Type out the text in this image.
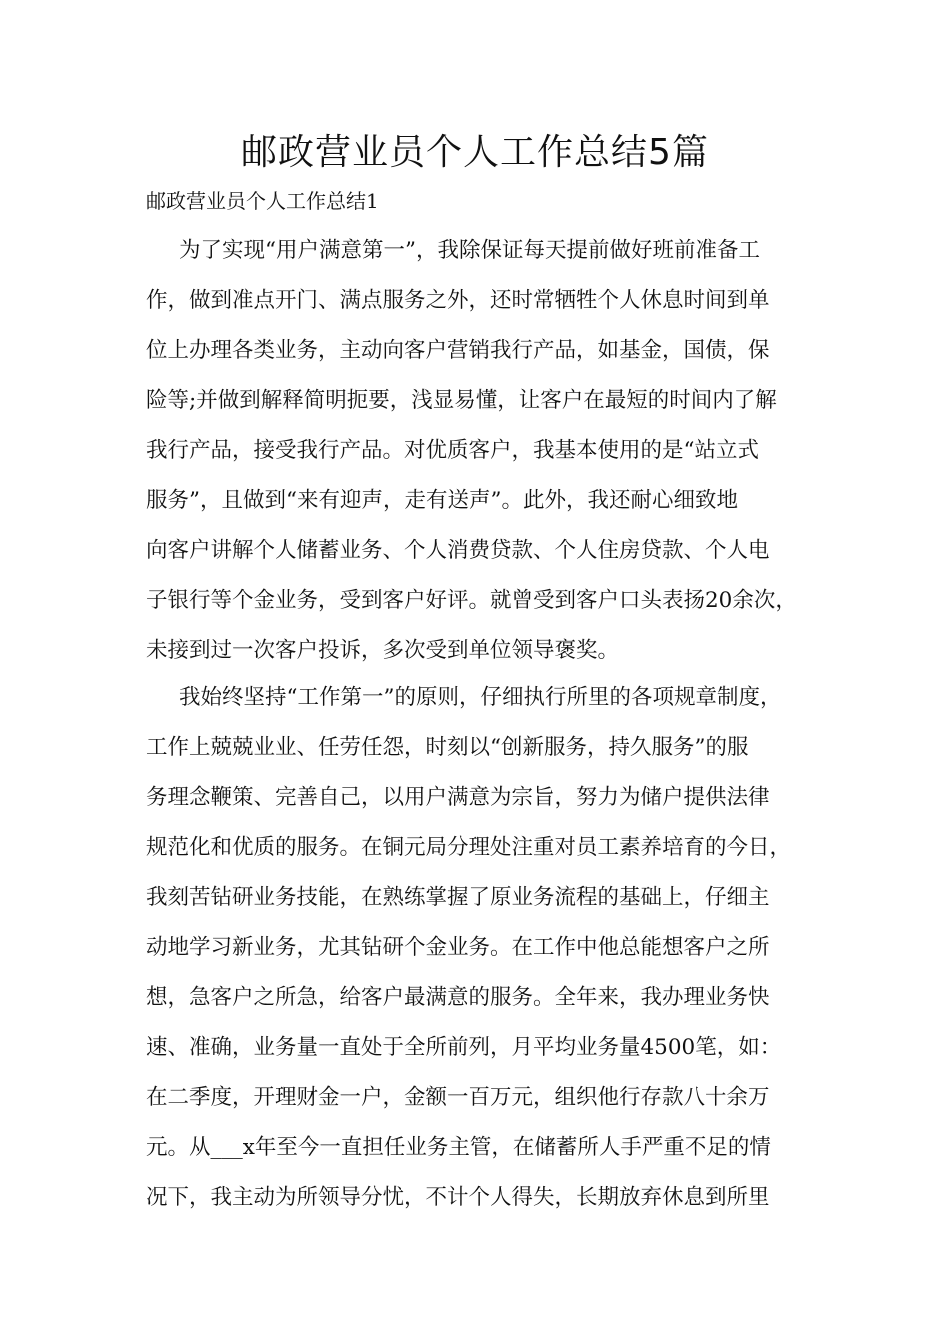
邮政营业员个人工作总结5篇

邮政营业员个人工作总结1

为了实现“用户满意第一”，我除保证每天提前做好班前准备工
作，做到准点开门、满点服务之外，还时常牺牲个人休息时间到单
位上办理各类业务，主动向客户营销我行产品，如基金，国债，保
险等;并做到解释简明扼要，浅显易懂，让客户在最短的时间内了解
我行产品，接受我行产品。对优质客户，我基本使用的是“站立式
服务”，且做到“来有迎声，走有送声”。此外，我还耐心细致地
向客户讲解个人储蓄业务、个人消费贷款、个人住房贷款、个人电
子银行等个金业务，受到客户好评。就曾受到客户口头表扬20余次，
未接到过一次客户投诉，多次受到单位领导褒奖。
我始终坚持“工作第一”的原则，仔细执行所里的各项规章制度，
工作上兢兢业业、任劳任怨，时刻以“创新服务，持久服务”的服
务理念鞭策、完善自己，以用户满意为宗旨，努力为储户提供法律
规范化和优质的服务。在铜元局分理处注重对员工素养培育的今日，
我刻苦钻研业务技能，在熟练掌握了原业务流程的基础上，仔细主
动地学习新业务，尤其钻研个金业务。在工作中他总能想客户之所
想，急客户之所急，给客户最满意的服务。全年来，我办理业务快
速、准确，业务量一直处于全所前列，月平均业务量4500笔，如：
在二季度，开理财金一户，金额一百万元，组织他行存款八十余万
元。从___x年至今一直担任业务主管，在储蓄所人手严重不足的情
况下，我主动为所领导分忧，不计个人得失，长期放弃休息到所里
